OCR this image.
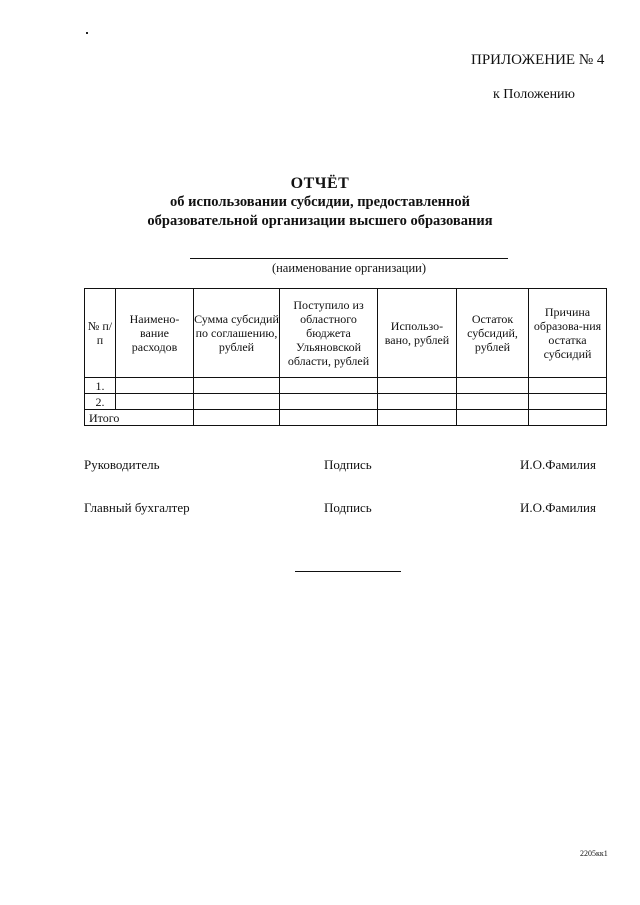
ПРИЛОЖЕНИЕ № 4
к Положению
ОТЧЁТ
об использовании субсидии, предоставленной
образовательной организации высшего образования
(наименование организации)
№ п/п	Наимено-вание расходов	Сумма субсидий по соглашению, рублей	Поступило из областного бюджета Ульяновской области, рублей	Использо-вано, рублей	Остаток субсидий, рублей	Причина образова-ния остатка субсидий
1.						
2.						
Итого						
Руководитель	Подпись	И.О.Фамилия
Главный бухгалтер	Подпись	И.О.Фамилия
2205кк1
